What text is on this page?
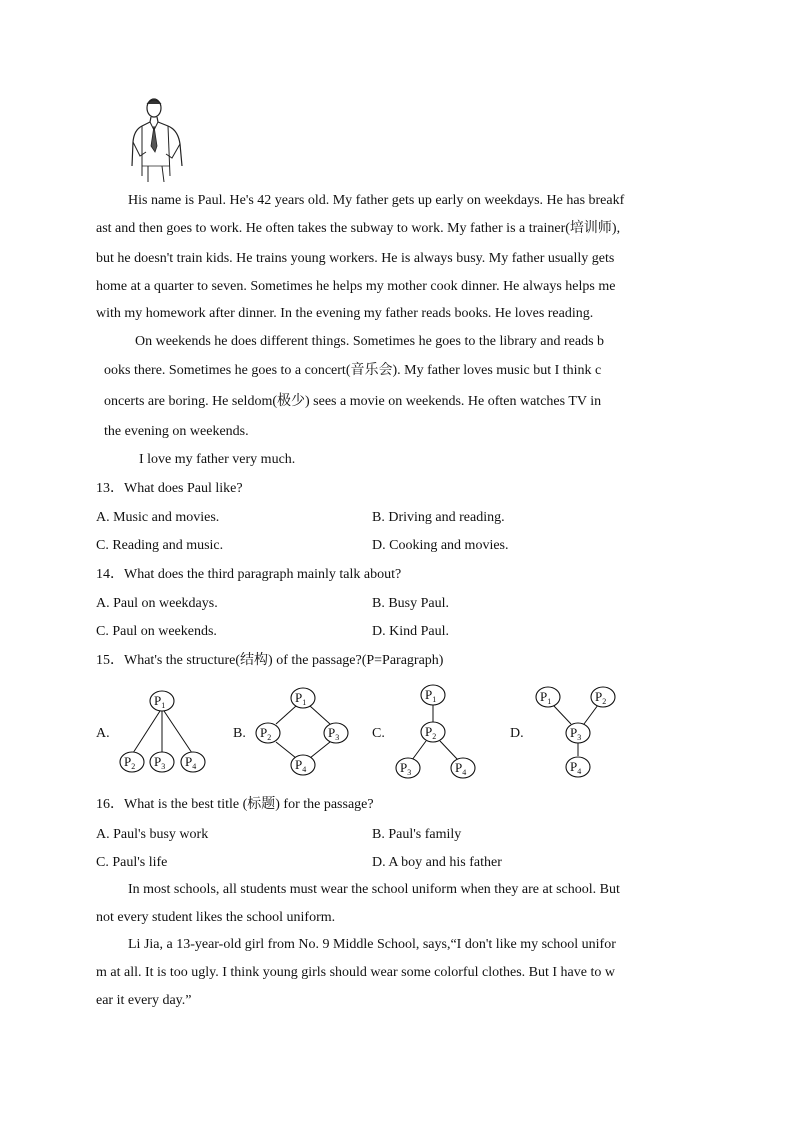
His name is Paul. He's 42 years old. My father gets up early on weekdays. He has breakf
ast and then goes to work. He often takes the subway to work. My father is a trainer(培训师),
but he doesn't train kids. He trains young workers. He is always busy. My father usually gets
home at a quarter to seven. Sometimes he helps my mother cook dinner. He always helps me
with my homework after dinner. In the evening my father reads books. He loves reading.
On weekends he does different things. Sometimes he goes to the library and reads b
ooks there. Sometimes he goes to a concert(音乐会). My father loves music but I think c
oncerts are boring. He seldom(极少) sees a movie on weekends. He often watches TV in
the evening on weekends.
I love my father very much.
13．What does Paul like?
A. Music and movies.	B. Driving and reading.
C. Reading and music.	D. Cooking and movies.
14．What does the third paragraph mainly talk about?
A. Paul on weekdays.	B. Busy Paul.
C. Paul on weekends.	D. Kind Paul.
15．What's the structure(结构) of the passage?(P=Paragraph)
A.	B.	C.	D.
$P_1$
$P_2$ $P_3$ $P_4$
$P_1$
$P_2$	$P_3$
$P_4$
$P_1$
$P_2$
$P_3$	$P_4$
$P_1$	$P_2$
$P_3$
$P_4$
16．What is the best title (标题) for the passage?
A. Paul's busy work	B. Paul's family
C. Paul's life	D. A boy and his father
In most schools, all students must wear the school uniform when they are at school. But
not every student likes the school uniform.
Li Jia, a 13-year-old girl from No. 9 Middle School, says,“I don't like my school unifor
m at all. It is too ugly. I think young girls should wear some colorful clothes. But I have to w
ear it every day.”
